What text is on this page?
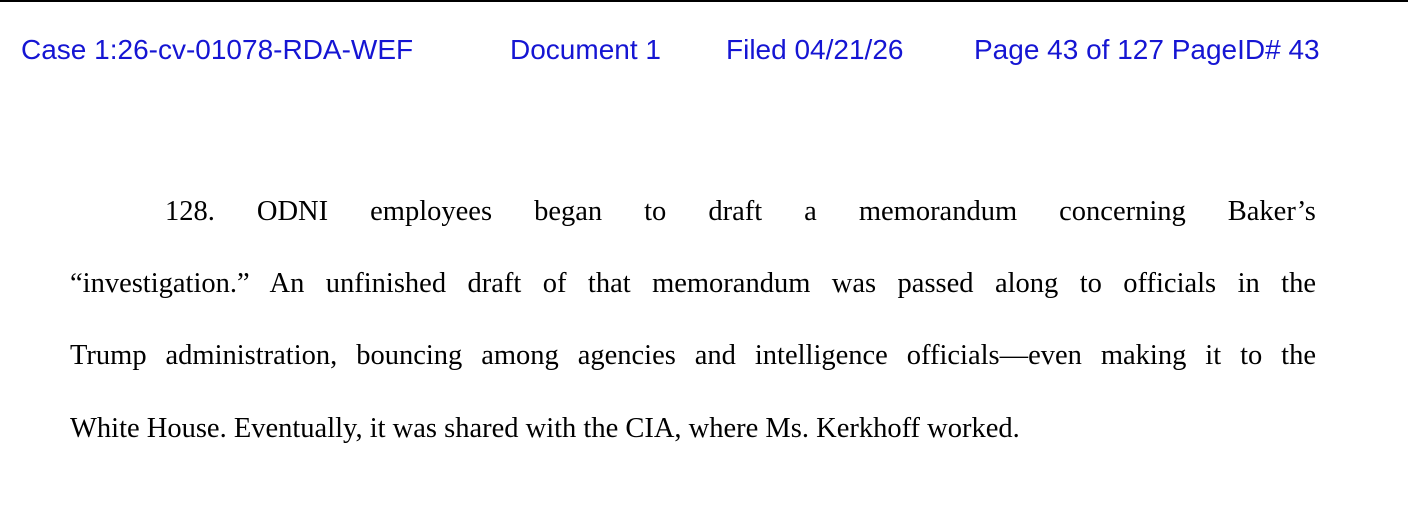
Case 1:26-cv-01078-RDA-WEF	Document 1 Filed 04/21/26	Page 43 of 127 PageID# 43
128. ODNI employees began to draft a memorandum concerning Baker’s
“investigation.” An unfinished draft of that memorandum was passed along to officials in the
Trump administration, bouncing among agencies and intelligence officials—even making it to the
White House. Eventually, it was shared with the CIA, where Ms. Kerkhoff worked.
